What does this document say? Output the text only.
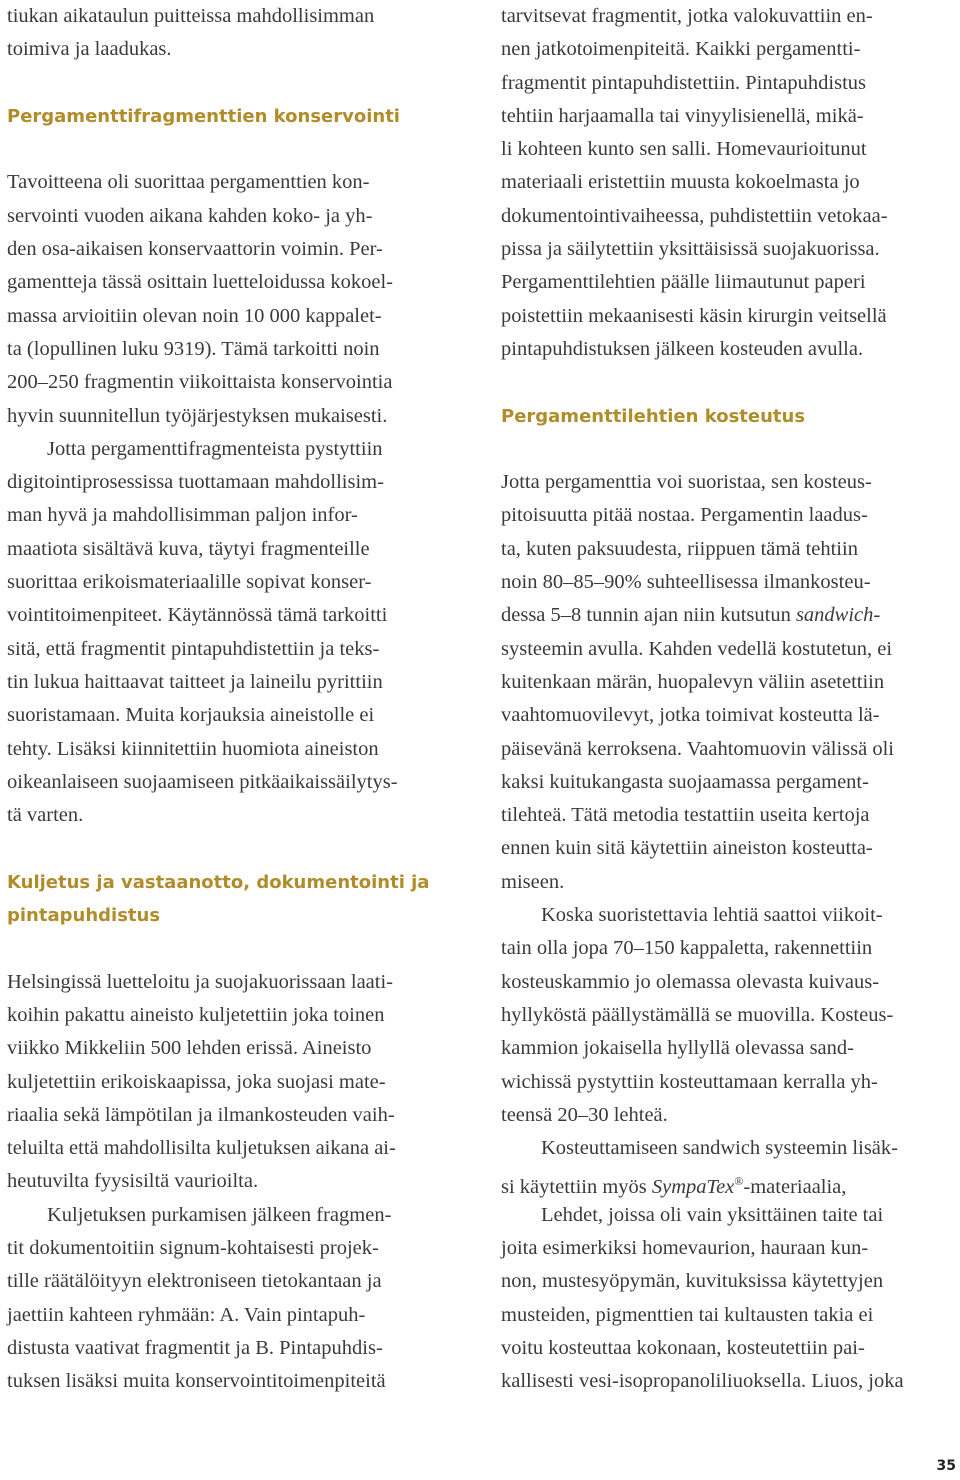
tiukan aikataulun puitteissa mahdollisimman
toimiva ja laadukas.
Pergamenttifragmenttien konservointi
Tavoitteena oli suorittaa pergamenttien kon-
servointi vuoden aikana kahden koko- ja yh-
den osa-aikaisen konservaattorin voimin. Per-
gamentteja tässä osittain luetteloidussa kokoel-
massa arvioitiin olevan noin 10 000 kappalet-
ta (lopullinen luku 9319). Tämä tarkoitti noin
200–250 fragmentin viikoittaista konservointia
hyvin suunnitellun työjärjestyksen mukaisesti.
Jotta pergamenttifragmenteista pystyttiin
digitointiprosessissa tuottamaan mahdollisim-
man hyvä ja mahdollisimman paljon infor-
maatiota sisältävä kuva, täytyi fragmenteille
suorittaa erikoismateriaalille sopivat konser-
vointitoimenpiteet. Käytännössä tämä tarkoitti
sitä, että fragmentit pintapuhdistettiin ja teks-
tin lukua haittaavat taitteet ja laineilu pyrittiin
suoristamaan. Muita korjauksia aineistolle ei
tehty. Lisäksi kiinnitettiin huomiota aineiston
oikeanlaiseen suojaamiseen pitkäaikaissäilytys-
tä varten.
Kuljetus ja vastaanotto, dokumentointi ja
pintapuhdistus
Helsingissä luetteloitu ja suojakuorissaan laati-
koihin pakattu aineisto kuljetettiin joka toinen
viikko Mikkeliin 500 lehden erissä. Aineisto
kuljetettiin erikoiskaapissa, joka suojasi mate-
riaalia sekä lämpötilan ja ilmankosteuden vaih-
teluilta että mahdollisilta kuljetuksen aikana ai-
heutuvilta fyysisiltä vaurioilta.
Kuljetuksen purkamisen jälkeen fragmen-
tit dokumentoitiin signum-kohtaisesti projek-
tille räätälöityyn elektroniseen tietokantaan ja
jaettiin kahteen ryhmään: A. Vain pintapuh-
distusta vaativat fragmentit ja B. Pintapuhdis-
tuksen lisäksi muita konservointitoimenpiteitä
tarvitsevat fragmentit, jotka valokuvattiin en-
nen jatkotoimenpiteitä. Kaikki pergamentti-
fragmentit pintapuhdistettiin. Pintapuhdistus
tehtiin harjaamalla tai vinyylisienellä, mikä-
li kohteen kunto sen salli. Homevaurioitunut
materiaali eristettiin muusta kokoelmasta jo
dokumentointivaiheessa, puhdistettiin vetokaa-
pissa ja säilytettiin yksittäisissä suojakuorissa.
Pergamenttilehtien päälle liimautunut paperi
poistettiin mekaanisesti käsin kirurgin veitsellä
pintapuhdistuksen jälkeen kosteuden avulla.
Pergamenttilehtien kosteutus
Jotta pergamenttia voi suoristaa, sen kosteus-
pitoisuutta pitää nostaa. Pergamentin laadus-
ta, kuten paksuudesta, riippuen tämä tehtiin
noin 80–85–90% suhteellisessa ilmankosteu-
dessa 5–8 tunnin ajan niin kutsutun sandwich-
systeemin avulla. Kahden vedellä kostutetun, ei
kuitenkaan märän, huopalevyn väliin asetettiin
vaahtomuovilevyt, jotka toimivat kosteutta lä-
päisevänä kerroksena. Vaahtomuovin välissä oli
kaksi kuitukangasta suojaamassa pergament-
tilehteä. Tätä metodia testattiin useita kertoja
ennen kuin sitä käytettiin aineiston kosteutta-
miseen.
Koska suoristettavia lehtiä saattoi viikoit-
tain olla jopa 70–150 kappaletta, rakennettiin
kosteuskammio jo olemassa olevasta kuivaus-
hyllyköstä päällystämällä se muovilla. Kosteus-
kammion jokaisella hyllyllä olevassa sand-
wichissä pystyttiin kosteuttamaan kerralla yh-
teensä 20–30 lehteä.
Kosteuttamiseen sandwich systeemin lisäk-
si käytettiin myös SympaTex®-materiaalia,
Lehdet, joissa oli vain yksittäinen taite tai
joita esimerkiksi homevaurion, hauraan kun-
non, mustesyöpymän, kuvituksissa käytettyjen
musteiden, pigmenttien tai kultausten takia ei
voitu kosteuttaa kokonaan, kosteutettiin pai-
kallisesti vesi-isopropanoliliuoksella. Liuos, joka
35
